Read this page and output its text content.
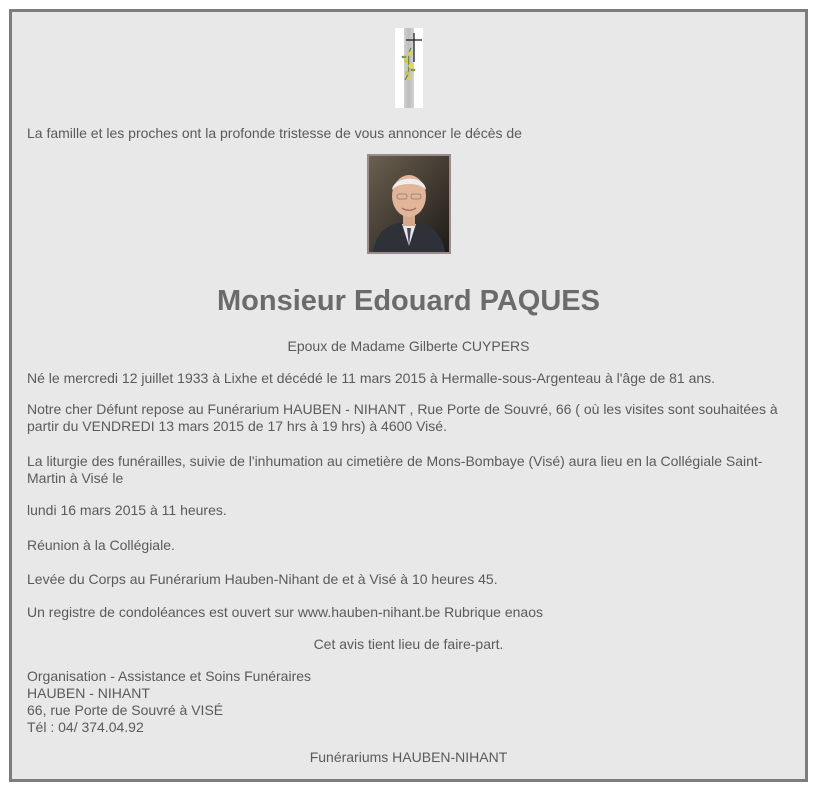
La famille et les proches ont la profonde tristesse de vous annoncer le décès de
Monsieur Edouard PAQUES
Epoux de Madame Gilberte CUYPERS
Né le mercredi 12 juillet 1933 à Lixhe et décédé le 11 mars 2015 à Hermalle-sous-Argenteau à l'âge de 81 ans.
Notre cher Défunt repose au Funérarium HAUBEN - NIHANT , Rue Porte de Souvré, 66 ( où les visites sont souhaitées à partir du VENDREDI 13 mars 2015 de 17 hrs à 19 hrs) à 4600 Visé.
La liturgie des funérailles, suivie de l'inhumation au cimetière de Mons-Bombaye (Visé) aura lieu en la Collégiale Saint-Martin à Visé le
lundi 16 mars 2015 à 11 heures.
Réunion à la Collégiale.
Levée du Corps au Funérarium Hauben-Nihant de et à Visé à 10 heures 45.
Un registre de condoléances est ouvert sur www.hauben-nihant.be Rubrique enaos
Cet avis tient lieu de faire-part.
Organisation - Assistance et Soins Funéraires
HAUBEN - NIHANT
66, rue Porte de Souvré à VISÉ
Tél : 04/ 374.04.92
Funérariums HAUBEN-NIHANT
